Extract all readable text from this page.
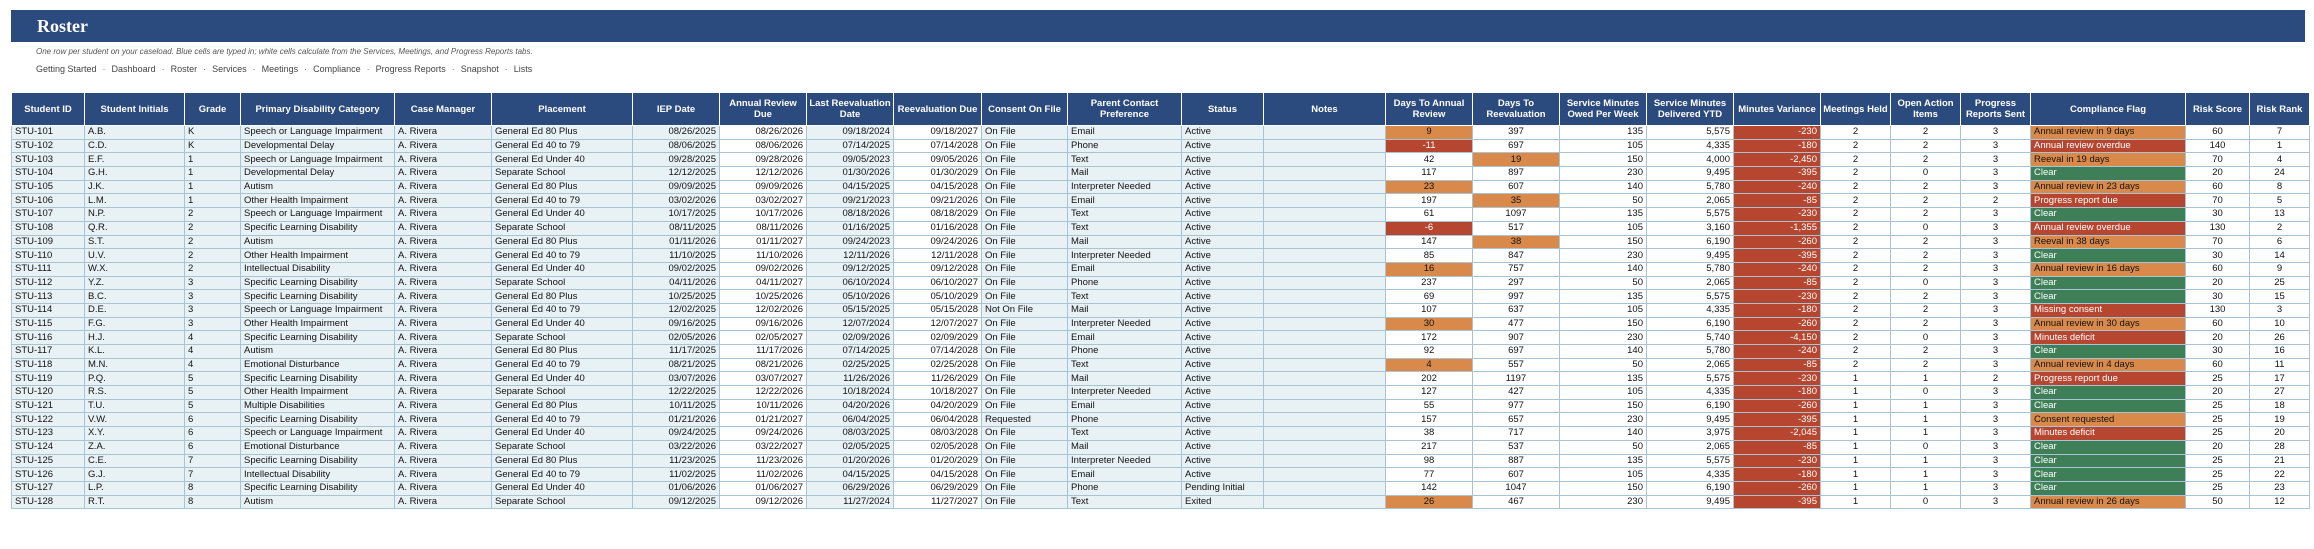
Roster
One row per student on your caseload. Blue cells are typed in; white cells calculate from the Services, Meetings, and Progress Reports tabs.
Getting Started · Dashboard · Roster · Services · Meetings · Compliance · Progress Reports · Snapshot · Lists
Student ID	Student Initials	Grade	Primary Disability Category	Case Manager	Placement	IEP Date	Annual Review Due	Last Reevaluation Date	Reevaluation Due	Consent On File	Parent Contact Preference	Status	Notes	Days To Annual Review	Days To Reevaluation	Service Minutes Owed Per Week	Service Minutes Delivered YTD	Minutes Variance	Meetings Held	Open Action Items	Progress Reports Sent	Compliance Flag	Risk Score	Risk Rank
STU-101	A.B.	K	Speech or Language Impairment	A. Rivera	General Ed 80 Plus	08/26/2025	08/26/2026	09/18/2024	09/18/2027	On File	Email	Active		9	397	135	5,575	-230	2	2	3	Annual review in 9 days	60	7
STU-102	C.D.	K	Developmental Delay	A. Rivera	General Ed 40 to 79	08/06/2025	08/06/2026	07/14/2025	07/14/2028	On File	Phone	Active		-11	697	105	4,335	-180	2	2	3	Annual review overdue	140	1
STU-103	E.F.	1	Speech or Language Impairment	A. Rivera	General Ed Under 40	09/28/2025	09/28/2026	09/05/2023	09/05/2026	On File	Text	Active		42	19	150	4,000	-2,450	2	2	3	Reeval in 19 days	70	4
STU-104	G.H.	1	Developmental Delay	A. Rivera	Separate School	12/12/2025	12/12/2026	01/30/2026	01/30/2029	On File	Mail	Active		117	897	230	9,495	-395	2	0	3	Clear	20	24
STU-105	J.K.	1	Autism	A. Rivera	General Ed 80 Plus	09/09/2025	09/09/2026	04/15/2025	04/15/2028	On File	Interpreter Needed	Active		23	607	140	5,780	-240	2	2	3	Annual review in 23 days	60	8
STU-106	L.M.	1	Other Health Impairment	A. Rivera	General Ed 40 to 79	03/02/2026	03/02/2027	09/21/2023	09/21/2026	On File	Email	Active		197	35	50	2,065	-85	2	2	2	Progress report due	70	5
STU-107	N.P.	2	Speech or Language Impairment	A. Rivera	General Ed Under 40	10/17/2025	10/17/2026	08/18/2026	08/18/2029	On File	Text	Active		61	1097	135	5,575	-230	2	2	3	Clear	30	13
STU-108	Q.R.	2	Specific Learning Disability	A. Rivera	Separate School	08/11/2025	08/11/2026	01/16/2025	01/16/2028	On File	Text	Active		-6	517	105	3,160	-1,355	2	0	3	Annual review overdue	130	2
STU-109	S.T.	2	Autism	A. Rivera	General Ed 80 Plus	01/11/2026	01/11/2027	09/24/2023	09/24/2026	On File	Mail	Active		147	38	150	6,190	-260	2	2	3	Reeval in 38 days	70	6
STU-110	U.V.	2	Other Health Impairment	A. Rivera	General Ed 40 to 79	11/10/2025	11/10/2026	12/11/2026	12/11/2028	On File	Interpreter Needed	Active		85	847	230	9,495	-395	2	2	3	Clear	30	14
STU-111	W.X.	2	Intellectual Disability	A. Rivera	General Ed Under 40	09/02/2025	09/02/2026	09/12/2025	09/12/2028	On File	Email	Active		16	757	140	5,780	-240	2	2	3	Annual review in 16 days	60	9
STU-112	Y.Z.	3	Specific Learning Disability	A. Rivera	Separate School	04/11/2026	04/11/2027	06/10/2024	06/10/2027	On File	Phone	Active		237	297	50	2,065	-85	2	0	3	Clear	20	25
STU-113	B.C.	3	Specific Learning Disability	A. Rivera	General Ed 80 Plus	10/25/2025	10/25/2026	05/10/2026	05/10/2029	On File	Text	Active		69	997	135	5,575	-230	2	2	3	Clear	30	15
STU-114	D.E.	3	Speech or Language Impairment	A. Rivera	General Ed 40 to 79	12/02/2025	12/02/2026	05/15/2025	05/15/2028	Not On File	Mail	Active		107	637	105	4,335	-180	2	2	3	Missing consent	130	3
STU-115	F.G.	3	Other Health Impairment	A. Rivera	General Ed Under 40	09/16/2025	09/16/2026	12/07/2024	12/07/2027	On File	Interpreter Needed	Active		30	477	150	6,190	-260	2	2	3	Annual review in 30 days	60	10
STU-116	H.J.	4	Specific Learning Disability	A. Rivera	Separate School	02/05/2026	02/05/2027	02/09/2026	02/09/2029	On File	Email	Active		172	907	230	5,740	-4,150	2	0	3	Minutes deficit	20	26
STU-117	K.L.	4	Autism	A. Rivera	General Ed 80 Plus	11/17/2025	11/17/2026	07/14/2025	07/14/2028	On File	Phone	Active		92	697	140	5,780	-240	2	2	3	Clear	30	16
STU-118	M.N.	4	Emotional Disturbance	A. Rivera	General Ed 40 to 79	08/21/2025	08/21/2026	02/25/2025	02/25/2028	On File	Text	Active		4	557	50	2,065	-85	2	2	3	Annual review in 4 days	60	11
STU-119	P.Q.	5	Specific Learning Disability	A. Rivera	General Ed Under 40	03/07/2026	03/07/2027	11/26/2026	11/26/2029	On File	Mail	Active		202	1197	135	5,575	-230	1	1	2	Progress report due	25	17
STU-120	R.S.	5	Other Health Impairment	A. Rivera	Separate School	12/22/2025	12/22/2026	10/18/2024	10/18/2027	On File	Interpreter Needed	Active		127	427	105	4,335	-180	1	0	3	Clear	20	27
STU-121	T.U.	5	Multiple Disabilities	A. Rivera	General Ed 80 Plus	10/11/2025	10/11/2026	04/20/2026	04/20/2029	On File	Email	Active		55	977	150	6,190	-260	1	1	3	Clear	25	18
STU-122	V.W.	6	Specific Learning Disability	A. Rivera	General Ed 40 to 79	01/21/2026	01/21/2027	06/04/2025	06/04/2028	Requested	Phone	Active		157	657	230	9,495	-395	1	1	3	Consent requested	25	19
STU-123	X.Y.	6	Speech or Language Impairment	A. Rivera	General Ed Under 40	09/24/2025	09/24/2026	08/03/2025	08/03/2028	On File	Text	Active		38	717	140	3,975	-2,045	1	1	3	Minutes deficit	25	20
STU-124	Z.A.	6	Emotional Disturbance	A. Rivera	Separate School	03/22/2026	03/22/2027	02/05/2025	02/05/2028	On File	Mail	Active		217	537	50	2,065	-85	1	0	3	Clear	20	28
STU-125	C.E.	7	Specific Learning Disability	A. Rivera	General Ed 80 Plus	11/23/2025	11/23/2026	01/20/2026	01/20/2029	On File	Interpreter Needed	Active		98	887	135	5,575	-230	1	1	3	Clear	25	21
STU-126	G.J.	7	Intellectual Disability	A. Rivera	General Ed 40 to 79	11/02/2025	11/02/2026	04/15/2025	04/15/2028	On File	Email	Active		77	607	105	4,335	-180	1	1	3	Clear	25	22
STU-127	L.P.	8	Specific Learning Disability	A. Rivera	General Ed Under 40	01/06/2026	01/06/2027	06/29/2026	06/29/2029	On File	Phone	Pending Initial		142	1047	150	6,190	-260	1	1	3	Clear	25	23
STU-128	R.T.	8	Autism	A. Rivera	Separate School	09/12/2025	09/12/2026	11/27/2024	11/27/2027	On File	Text	Exited		26	467	230	9,495	-395	1	0	3	Annual review in 26 days	50	12
